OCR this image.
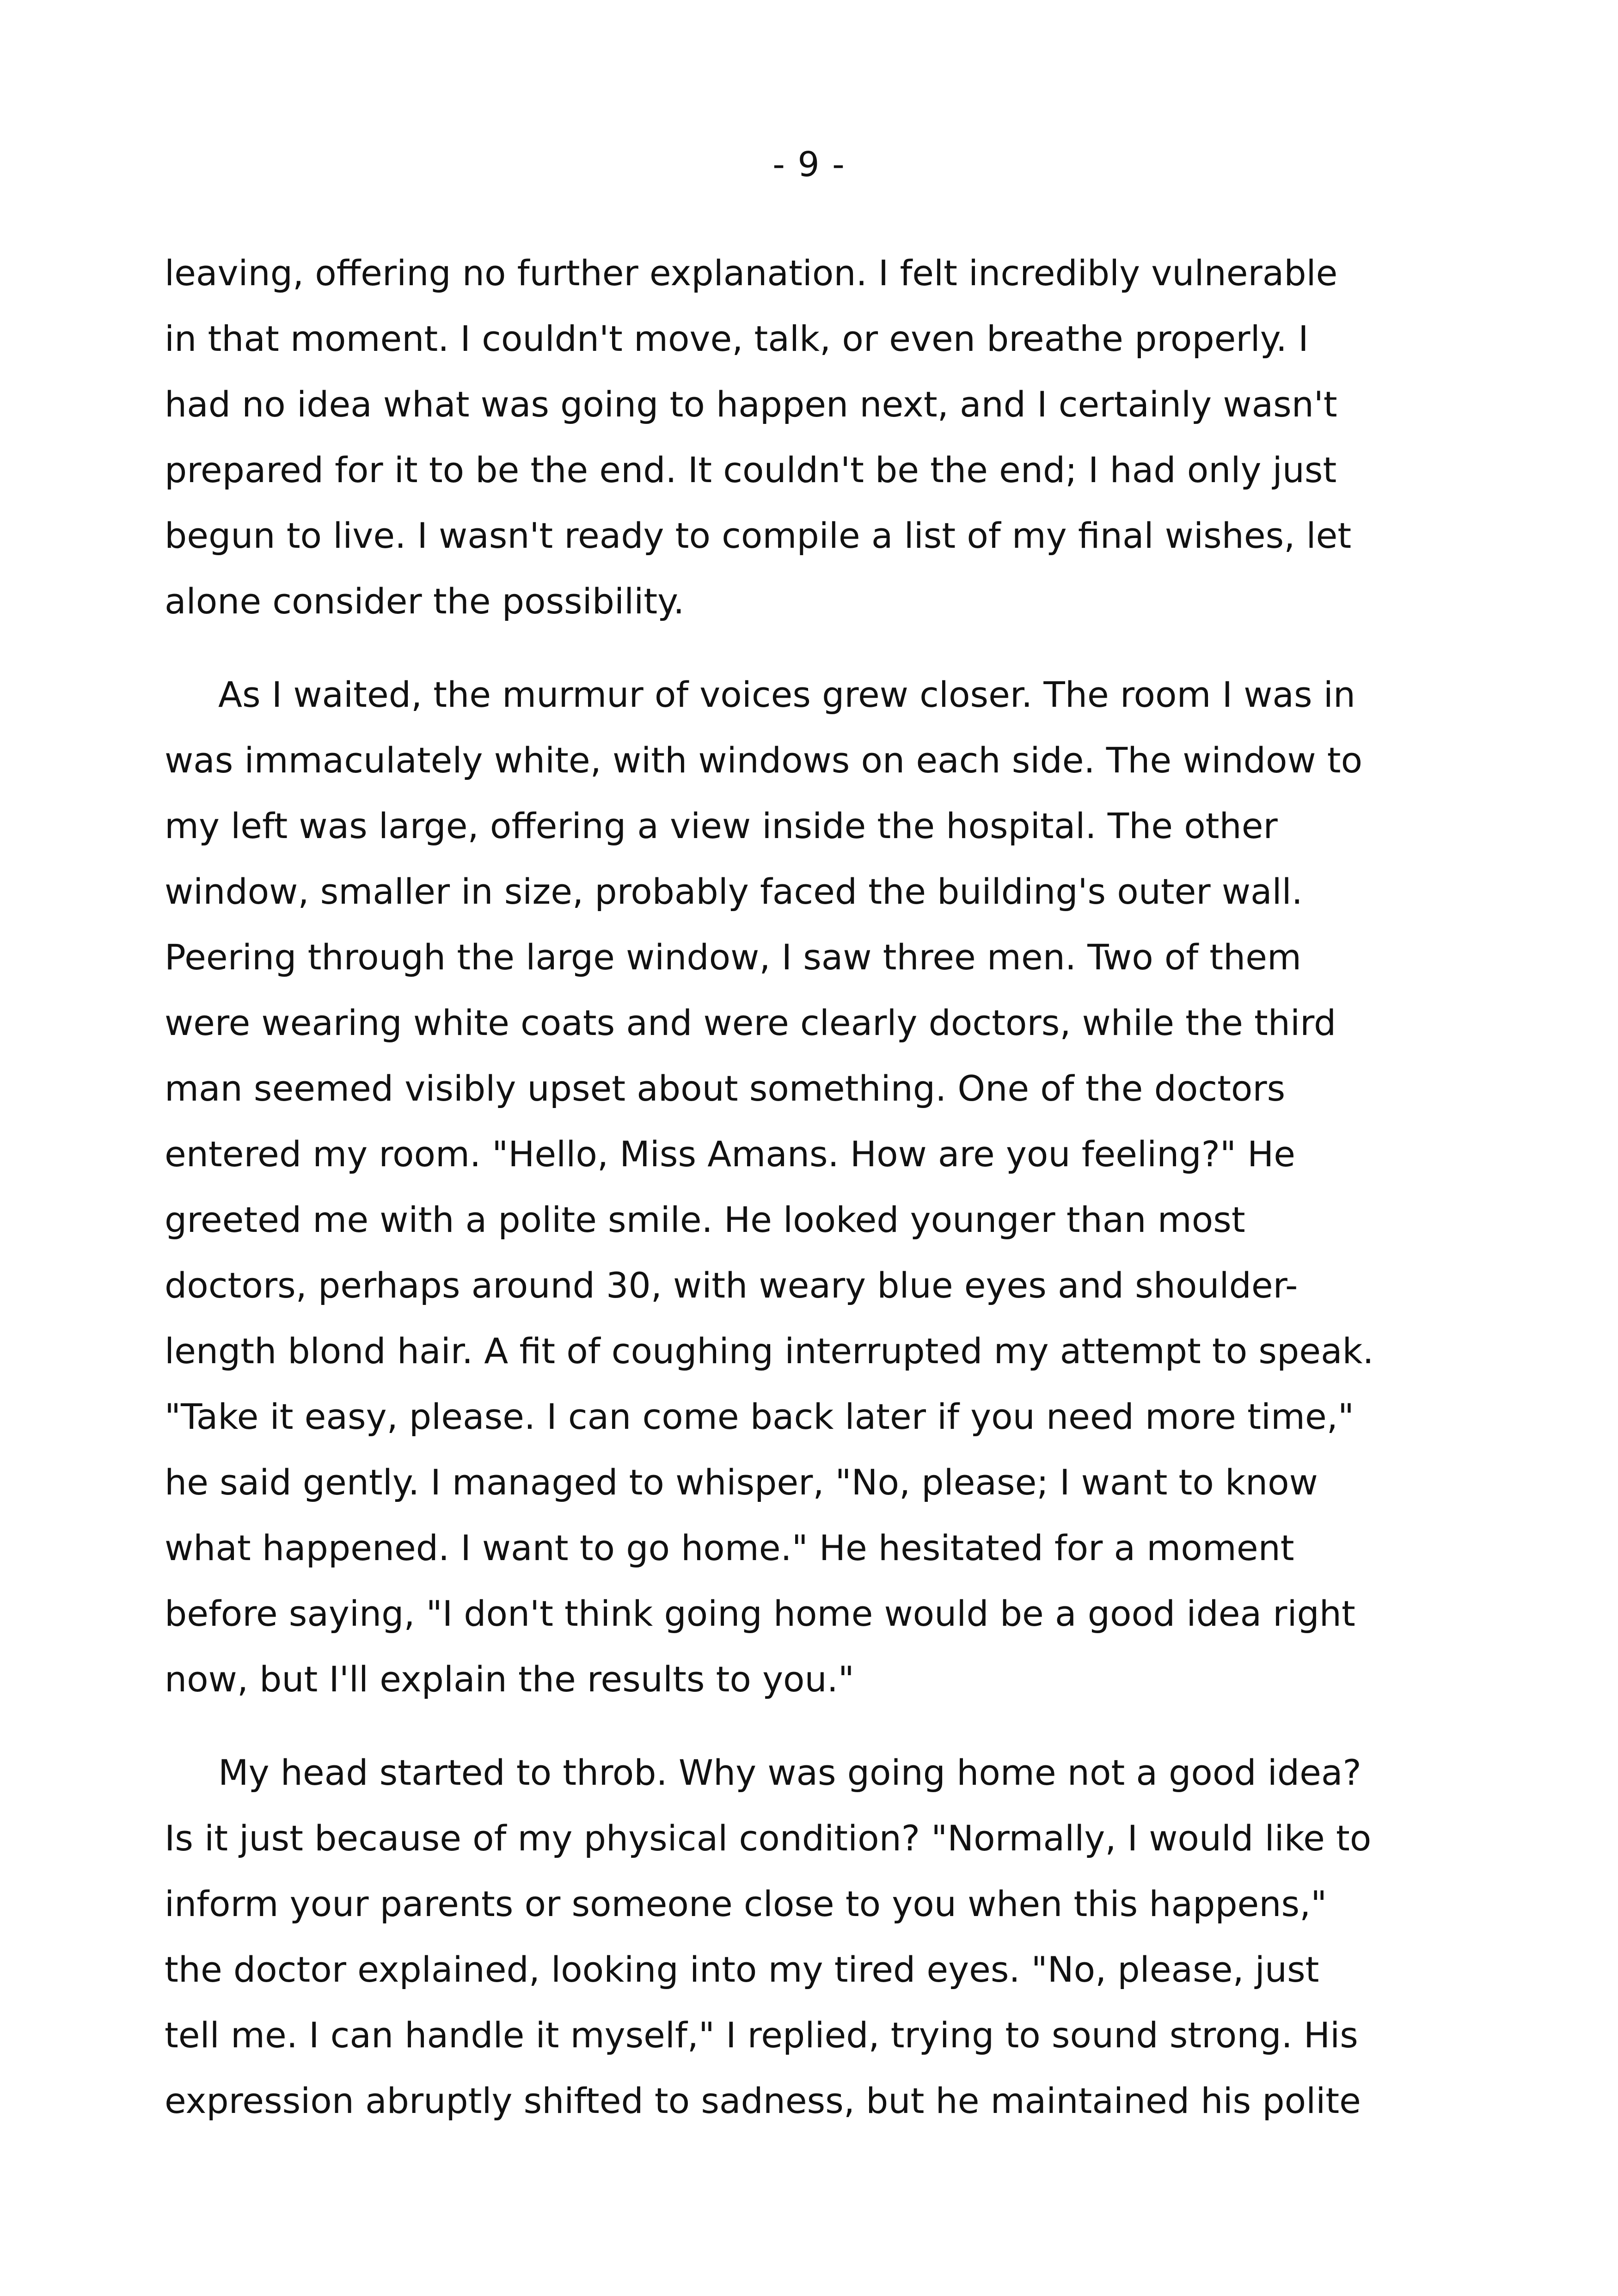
- 9 -

leaving, offering no further explanation. I felt incredibly vulnerable
in that moment. I couldn't move, talk, or even breathe properly. I
had no idea what was going to happen next, and I certainly wasn't
prepared for it to be the end. It couldn't be the end; I had only just
begun to live. I wasn't ready to compile a list of my final wishes, let
alone consider the possibility.

As I waited, the murmur of voices grew closer. The room I was in
was immaculately white, with windows on each side. The window to
my left was large, offering a view inside the hospital. The other
window, smaller in size, probably faced the building's outer wall.
Peering through the large window, I saw three men. Two of them
were wearing white coats and were clearly doctors, while the third
man seemed visibly upset about something. One of the doctors
entered my room. "Hello, Miss Amans. How are you feeling?" He
greeted me with a polite smile. He looked younger than most
doctors, perhaps around 30, with weary blue eyes and shoulder-
length blond hair. A fit of coughing interrupted my attempt to speak.
"Take it easy, please. I can come back later if you need more time,"
he said gently. I managed to whisper, "No, please; I want to know
what happened. I want to go home." He hesitated for a moment
before saying, "I don't think going home would be a good idea right
now, but I'll explain the results to you."

My head started to throb. Why was going home not a good idea?
Is it just because of my physical condition? "Normally, I would like to
inform your parents or someone close to you when this happens,"
the doctor explained, looking into my tired eyes. "No, please, just
tell me. I can handle it myself," I replied, trying to sound strong. His
expression abruptly shifted to sadness, but he maintained his polite
